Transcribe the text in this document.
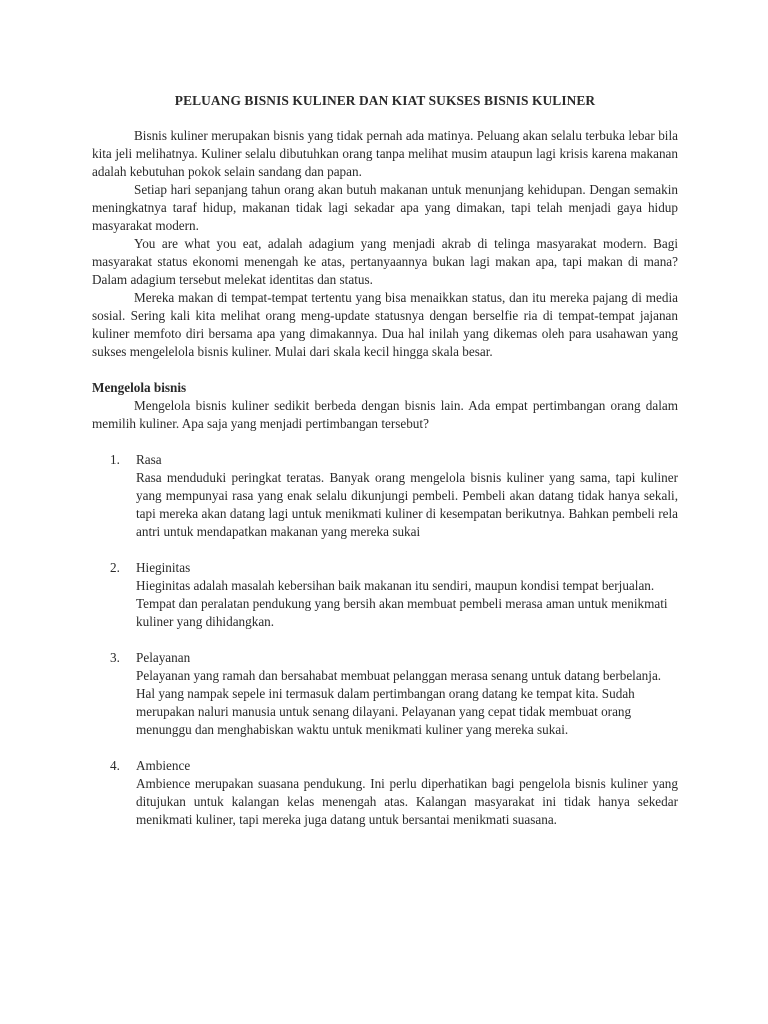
PELUANG BISNIS KULINER DAN KIAT SUKSES BISNIS KULINER

Bisnis kuliner merupakan bisnis yang tidak pernah ada matinya. Peluang akan selalu terbuka lebar bila kita jeli melihatnya. Kuliner selalu dibutuhkan orang tanpa melihat musim ataupun lagi krisis karena makanan adalah kebutuhan pokok selain sandang dan papan.

Setiap hari sepanjang tahun orang akan butuh makanan untuk menunjang kehidupan. Dengan semakin meningkatnya taraf hidup, makanan tidak lagi sekadar apa yang dimakan, tapi telah menjadi gaya hidup masyarakat modern.

You are what you eat, adalah adagium yang menjadi akrab di telinga masyarakat modern. Bagi masyarakat status ekonomi menengah ke atas, pertanyaannya bukan lagi makan apa, tapi makan di mana? Dalam adagium tersebut melekat identitas dan status.

Mereka makan di tempat-tempat tertentu yang bisa menaikkan status, dan itu mereka pajang di media sosial. Sering kali kita melihat orang meng-update statusnya dengan berselfie ria di tempat-tempat jajanan kuliner memfoto diri bersama apa yang dimakannya. Dua hal inilah yang dikemas oleh para usahawan yang sukses mengelelola bisnis kuliner. Mulai dari skala kecil hingga skala besar.

Mengelola bisnis

Mengelola bisnis kuliner sedikit berbeda dengan bisnis lain. Ada empat pertimbangan orang dalam memilih kuliner. Apa saja yang menjadi pertimbangan tersebut?

1. Rasa
Rasa menduduki peringkat teratas. Banyak orang mengelola bisnis kuliner yang sama, tapi kuliner yang mempunyai rasa yang enak selalu dikunjungi pembeli. Pembeli akan datang tidak hanya sekali, tapi mereka akan datang lagi untuk menikmati kuliner di kesempatan berikutnya. Bahkan pembeli rela antri untuk mendapatkan makanan yang mereka sukai
2. Hieginitas
Hieginitas adalah masalah kebersihan baik makanan itu sendiri, maupun kondisi tempat berjualan. Tempat dan peralatan pendukung yang bersih akan membuat pembeli merasa aman untuk menikmati kuliner yang dihidangkan.
3. Pelayanan
Pelayanan yang ramah dan bersahabat membuat pelanggan merasa senang untuk datang berbelanja. Hal yang nampak sepele ini termasuk dalam pertimbangan orang datang ke tempat kita. Sudah merupakan naluri manusia untuk senang dilayani. Pelayanan yang cepat tidak membuat orang menunggu dan menghabiskan waktu untuk menikmati kuliner yang mereka sukai.
4. Ambience
Ambience merupakan suasana pendukung. Ini perlu diperhatikan bagi pengelola bisnis kuliner yang ditujukan untuk kalangan kelas menengah atas. Kalangan masyarakat ini tidak hanya sekedar menikmati kuliner, tapi mereka juga datang untuk bersantai menikmati suasana.
